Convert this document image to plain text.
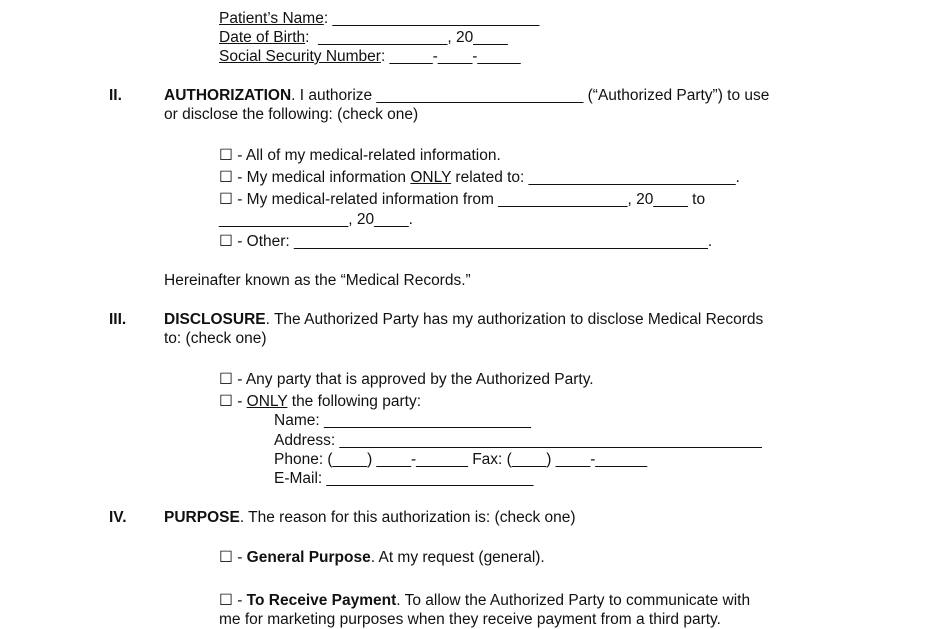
Patient’s Name: ________________________
Date of Birth:  _______________, 20____
Social Security Number: _____-____-_____
II.	AUTHORIZATION. I authorize ________________________ (“Authorized Party”) to use
or disclose the following: (check one)
☐ - All of my medical-related information.
☐ - My medical information ONLY related to: ________________________.
☐ - My medical-related information from _______________, 20____ to
_______________, 20____.
☐ - Other: ________________________________________________.
Hereinafter known as the “Medical Records.”
III. DISCLOSURE. The Authorized Party has my authorization to disclose Medical Records
to: (check one)
☐ - Any party that is approved by the Authorized Party.
☐ - ONLY the following party:
Name: ________________________
Address: _________________________________________________
Phone: (____) ____-______ Fax: (____) ____-______
E-Mail: ________________________
IV. PURPOSE. The reason for this authorization is: (check one)
☐ - General Purpose. At my request (general).
☐ - To Receive Payment. To allow the Authorized Party to communicate with
me for marketing purposes when they receive payment from a third party.
